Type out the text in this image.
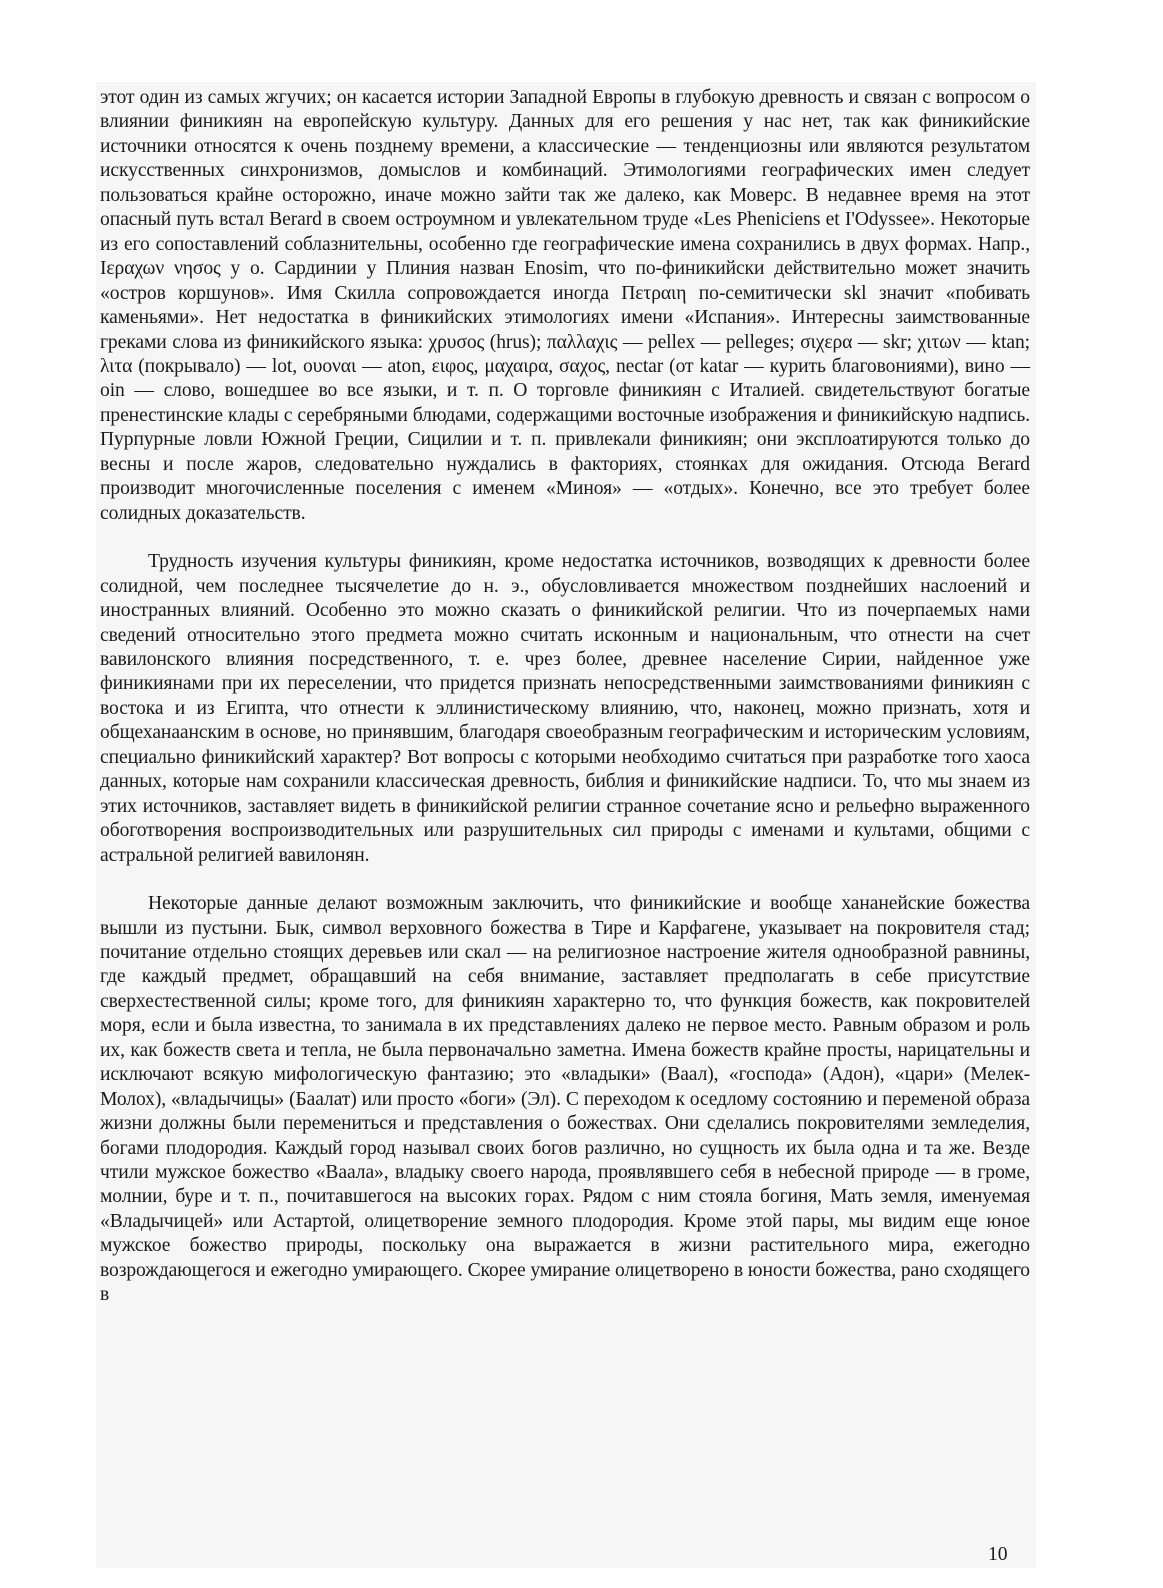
этот один из самых жгучих; он касается истории Западной Европы в глубокую древность и связан с вопросом о влиянии финикиян на европейскую культуру. Данных для его решения у нас нет, так как финикийские источники относятся к очень позднему времени, а классические — тенденциозны или являются результатом искусственных синхронизмов, домыслов и комбинаций. Этимологиями географических имен следует пользоваться крайне осторожно, иначе можно зайти так же далеко, как Моверс. В недавнее время на этот опасный путь встал Berard в своем остроумном и увлекательном труде «Les Pheniciens et I'Odyssee». Некоторые из его сопоставлений соблазнительны, особенно где географические имена сохранились в двух формах. Напр., Ιεραχων νησος у о. Сардинии у Плиния назван Enosim, что по-финикийски действительно может значить «остров коршунов». Имя Скилла сопровождается иногда Πετραιη по-семитически skl значит «побивать каменьями». Нет недостатка в финикийских этимологиях имени «Испания». Интересны заимствованные греками слова из финикийского языка: χρυσος (hrus); παλλαχις — pellex — pelleges; σιχερα — skr; χιτων — ktan; λιτα (покрывало) — lot, ουοναι — aton, ειφος, μαχαιρα, σαχος, nectar (от katar — курить благовониями), вино — oin — слово, вошедшее во все языки, и т. п. О торговле финикиян с Италией. свидетельствуют богатые пренестинские клады с серебряными блюдами, содержащими восточные изображения и финикийскую надпись. Пурпурные ловли Южной Греции, Сицилии и т. п. привлекали финикиян; они эксплоатируются только до весны и после жаров, следовательно нуждались в факториях, стоянках для ожидания. Отсюда Berard производит многочисленные поселения с именем «Миноя» — «отдых». Конечно, все это требует более солидных доказательств.

Трудность изучения культуры финикиян, кроме недостатка источников, возводящих к древности более солидной, чем последнее тысячелетие до н. э., обусловливается множеством позднейших наслоений и иностранных влияний. Особенно это можно сказать о финикийской религии. Что из почерпаемых нами сведений относительно этого предмета можно считать исконным и национальным, что отнести на счет вавилонского влияния посредственного, т. е. чрез более, древнее население Сирии, найденное уже финикиянами при их переселении, что придется признать непосредственными заимствованиями финикиян с востока и из Египта, что отнести к эллинистическому влиянию, что, наконец, можно признать, хотя и общеханаанским в основе, но принявшим, благодаря своеобразным географическим и историческим условиям, специально финикийский характер? Вот вопросы с которыми необходимо считаться при разработке того хаоса данных, которые нам сохранили классическая древность, библия и финикийские надписи. То, что мы знаем из этих источников, заставляет видеть в финикийской религии странное сочетание ясно и рельефно выраженного обоготворения воспроизводительных или разрушительных сил природы с именами и культами, общими с астральной религией вавилонян.

Некоторые данные делают возможным заключить, что финикийские и вообще хананейские божества вышли из пустыни. Бык, символ верховного божества в Тире и Карфагене, указывает на покровителя стад; почитание отдельно стоящих деревьев или скал — на религиозное настроение жителя однообразной равнины, где каждый предмет, обращавший на себя внимание, заставляет предполагать в себе присутствие сверхестественной силы; кроме того, для финикиян характерно то, что функция божеств, как покровителей моря, если и была известна, то занимала в их представлениях далеко не первое место. Равным образом и роль их, как божеств света и тепла, не была первоначально заметна. Имена божеств крайне просты, нарицательны и исключают всякую мифологическую фантазию; это «владыки» (Ваал), «господа» (Адон), «цари» (Мелек-Молох), «владычицы» (Баалат) или просто «боги» (Эл). С переходом к оседлому состоянию и переменой образа жизни должны были перемениться и представления о божествах. Они сделались покровителями земледелия, богами плодородия. Каждый город называл своих богов различно, но сущность их была одна и та же. Везде чтили мужское божество «Ваала», владыку своего народа, проявлявшего себя в небесной природе — в громе, молнии, буре и т. п., почитавшегося на высоких горах. Рядом с ним стояла богиня, Мать земля, именуемая «Владычицей» или Астартой, олицетворение земного плодородия. Кроме этой пары, мы видим еще юное мужское божество природы, поскольку она выражается в жизни растительного мира, ежегодно возрождающегося и ежегодно умирающего. Скорее умирание олицетворено в юности божества, рано сходящего в

10
